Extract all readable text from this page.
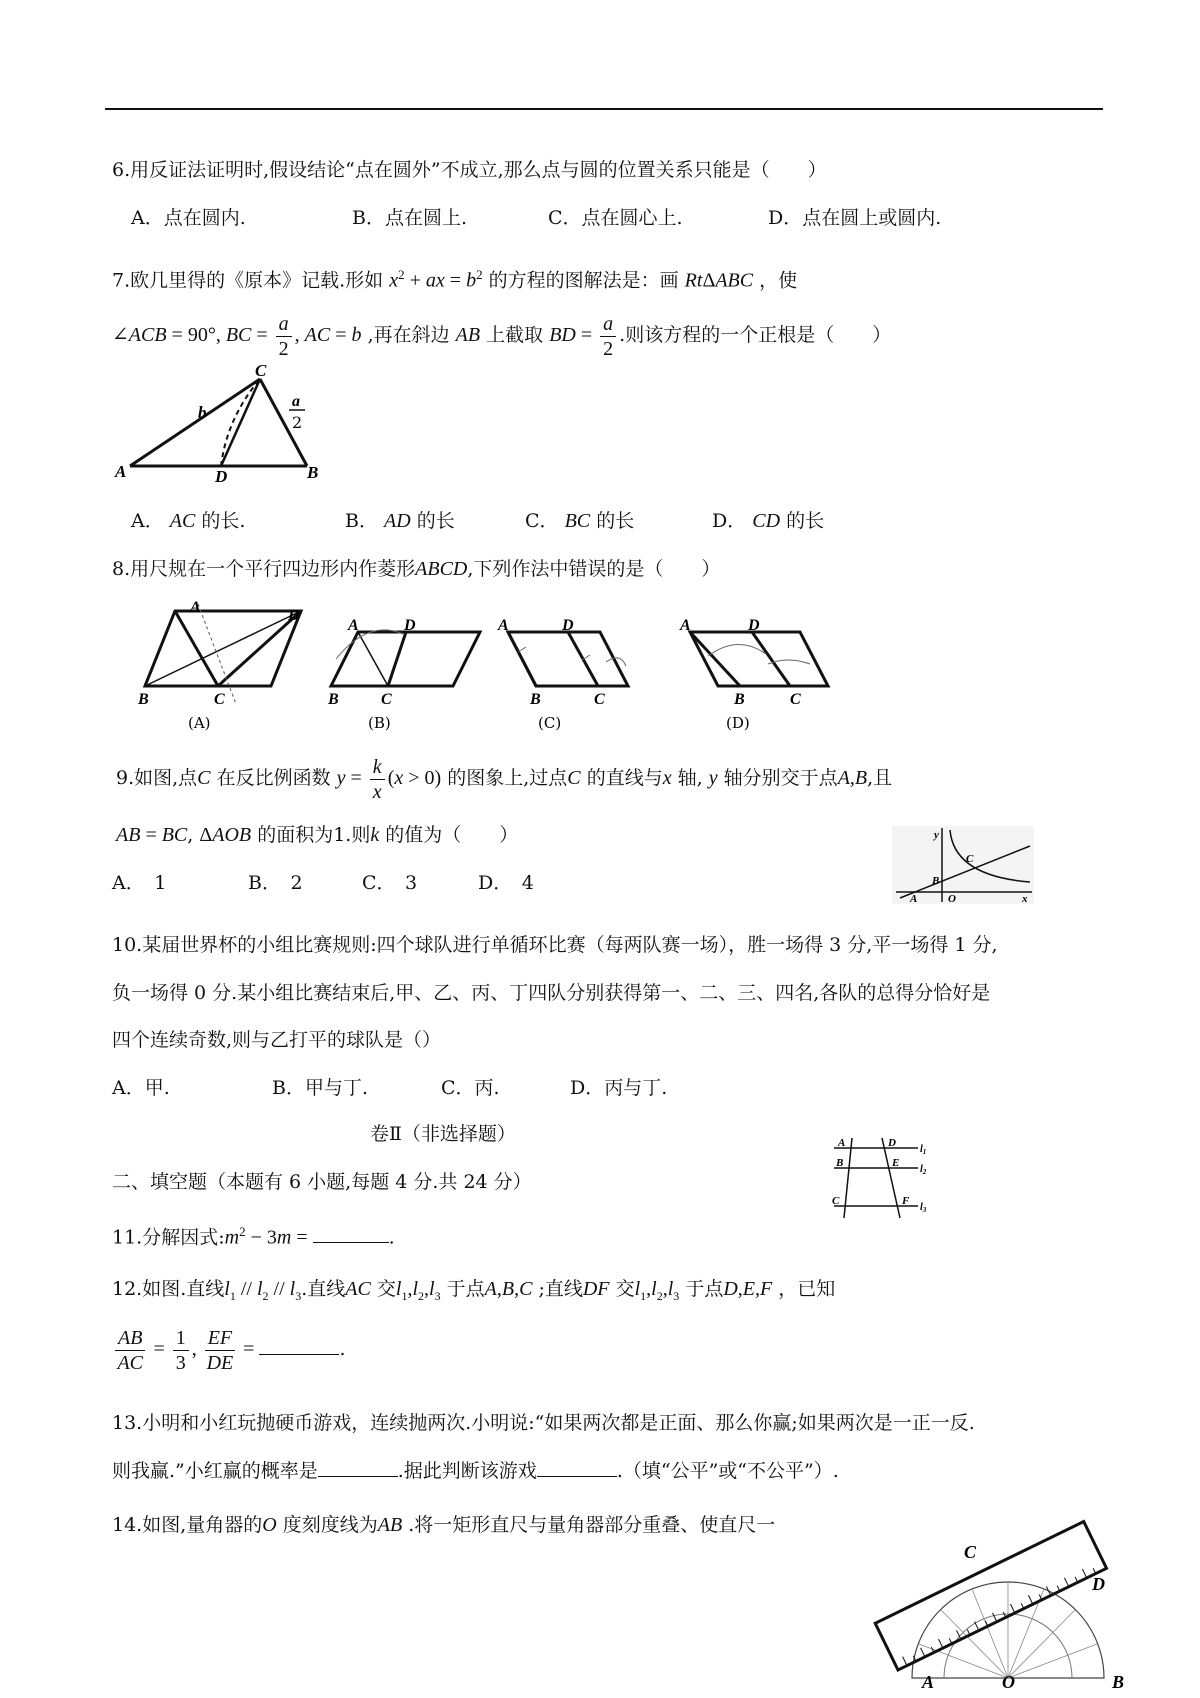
6.用反证法证明时,假设结论“点在圆外”不成立,那么点与圆的位置关系只能是（　　）
A．点在圆内.	B．点在圆上.	C．点在圆心上.	D．点在圆上或圆内.
7.欧几里得的《原本》记载.形如 $x^2$ + ax = $b^2$ 的方程的图解法是：画 RtΔABC ，使
∠ACB = 90°, BC = $\frac{a}{2}$ , AC = b ,再在斜边 AB 上截取 BD = $\frac{a}{2}$ .则该方程的一个正根是（　　）
C
b
a
2
A	D	B
A． AC 的长.	B． AD 的长	C． BC 的长	D． CD 的长
8.用尺规在一个平行四边形内作菱形ABCD,下列作法中错误的是（　　）
A	D
B	C
(A)
A	D
B	C
(B)
A	D
B	C
(C)
A	D
B	C
(D)
9.如图,点C 在反比例函数 $y = \frac{k}{x} (x > 0)$ 的图象上,过点C 的直线与x 轴, y 轴分别交于点A,B,且
AB = BC, ΔAOB 的面积为1.则k 的值为（　　）
A．　1	B．　2	C．　3	D．　4
y
C
B
A	O	x
10.某届世界杯的小组比赛规则:四个球队进行单循环比赛（每两队赛一场），胜一场得 3 分,平一场得 1 分,
负一场得 0 分.某小组比赛结束后,甲、乙、丙、丁四队分别获得第一、二、三、四名,各队的总得分恰好是
四个连续奇数,则与乙打平的球队是（）
A．甲.	B．甲与丁.	C．丙.	D．丙与丁.
卷Ⅱ（非选择题）
二、填空题（本题有 6 小题,每题 4 分.共 24 分）
A	D
$l_1$
B	E
$l_2$
C	F
$l_3$
11.分解因式$:m^2 - 3m$ =	.
12.如图.直线$l_1 // l_2 // l_3$.直线AC 交$l_1,l_2,l_3$ 于点A,B,C ;直线DF 交$l_1,l_2,l_3$ 于点D,E,F ，已知
$\frac{AB}{AC} = \frac{1}{3}$ , $\frac{EF}{DE}$ =	.
13.小明和小红玩抛硬币游戏，连续抛两次.小明说:“如果两次都是正面、那么你赢;如果两次是一正一反.
则我赢.”小红赢的概率是	.据此判断该游戏	.（填“公平”或“不公平”）.
14.如图,量角器的O 度刻度线为AB .将一矩形直尺与量角器部分重叠、使直尺一
C
D
A	O	B
